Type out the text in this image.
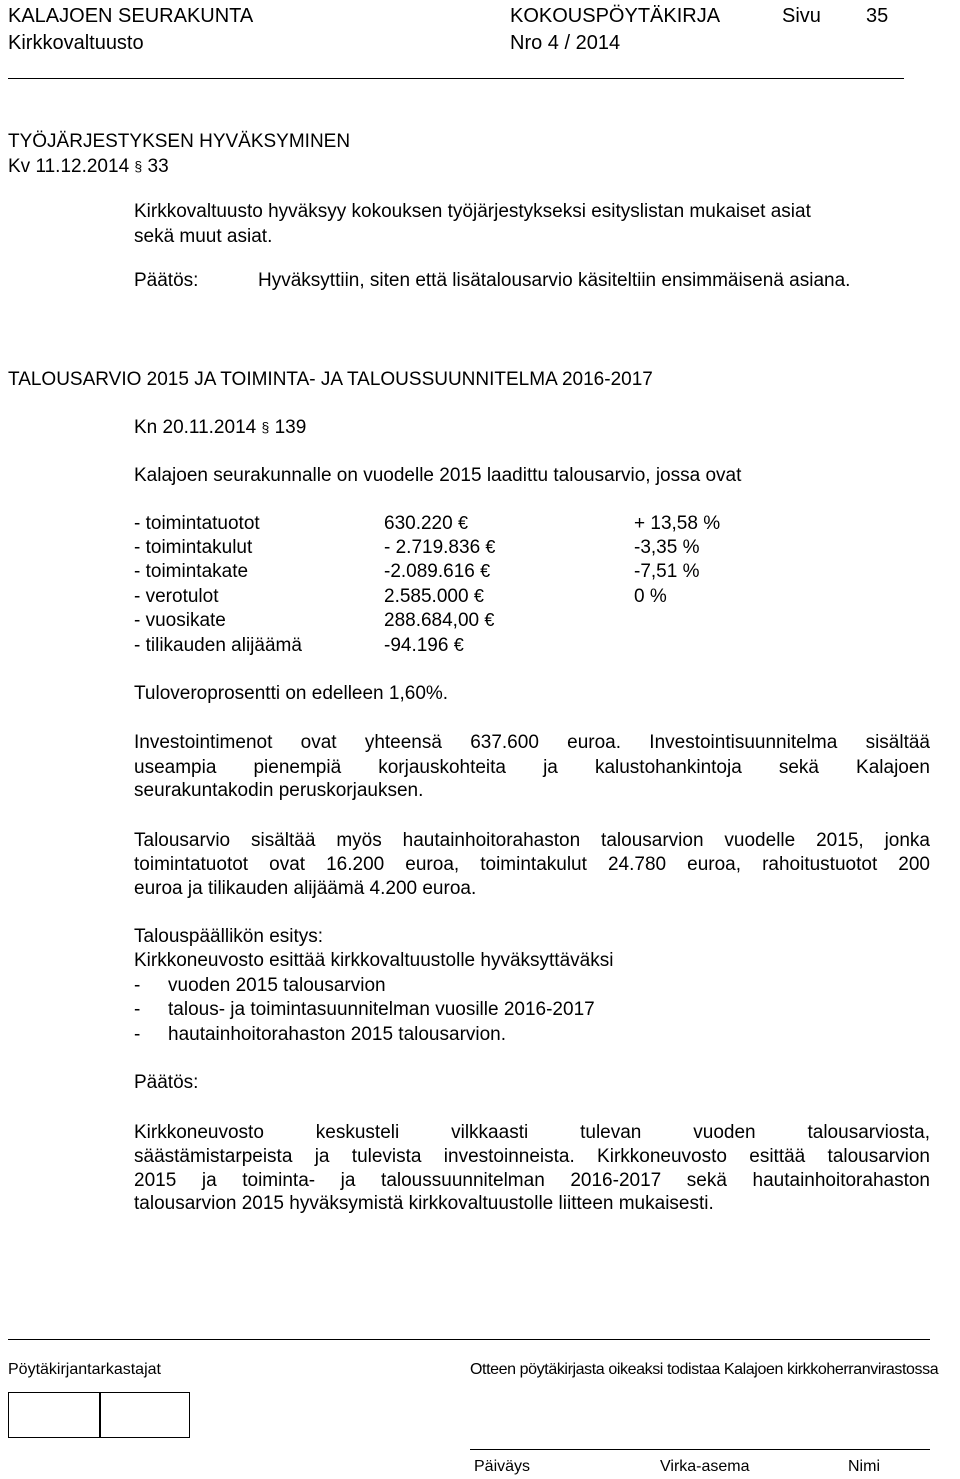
KALAJOEN SEURAKUNTA	KOKOUSPÖYTÄKIRJA	Sivu 35
Kirkkovaltuusto	Nro 4 / 2014
TYÖJÄRJESTYKSEN HYVÄKSYMINEN
Kv 11.12.2014 § 33
Kirkkovaltuusto hyväksyy kokouksen työjärjestykseksi esityslistan mukaiset asiat
sekä muut asiat.
Päätös:	Hyväksyttiin, siten että lisätalousarvio käsiteltiin ensimmäisenä asiana.
TALOUSARVIO 2015 JA TOIMINTA- JA TALOUSSUUNNITELMA 2016-2017
Kn 20.11.2014 § 139
Kalajoen seurakunnalle on vuodelle 2015 laadittu talousarvio, jossa ovat
- toimintatuotot	630.220 €	+ 13,58 %
- toimintakulut	- 2.719.836 €	-3,35 %
- toimintakate	-2.089.616 €	-7,51 %
- verotulot	2.585.000 €	0 %
- vuosikate	288.684,00 €
- tilikauden alijäämä	-94.196 €
Tuloveroprosentti on edelleen 1,60%.
Investointimenot ovat yhteensä 637.600 euroa. Investointisuunnitelma sisältää
useampia pienempiä korjauskohteita ja kalustohankintoja sekä Kalajoen
seurakuntakodin peruskorjauksen.
Talousarvio sisältää myös hautainhoitorahaston talousarvion vuodelle 2015, jonka
toimintatuotot ovat 16.200 euroa, toimintakulut 24.780 euroa, rahoitustuotot 200
euroa ja tilikauden alijäämä 4.200 euroa.
Talouspäällikön esitys:
Kirkkoneuvosto esittää kirkkovaltuustolle hyväksyttäväksi
- vuoden 2015 talousarvion
- talous- ja toimintasuunnitelman vuosille 2016-2017
- hautainhoitorahaston 2015 talousarvion.
Päätös:
Kirkkoneuvosto keskusteli vilkkaasti tulevan vuoden talousarviosta,
säästämistarpeista ja tulevista investoinneista. Kirkkoneuvosto esittää talousarvion
2015 ja toiminta- ja taloussuunnitelman 2016-2017 sekä hautainhoitorahaston
talousarvion 2015 hyväksymistä kirkkovaltuustolle liitteen mukaisesti.
Pöytäkirjantarkastajat	Otteen pöytäkirjasta oikeaksi todistaa Kalajoen kirkkoherranvirastossa
Päiväys	Virka-asema	Nimi
